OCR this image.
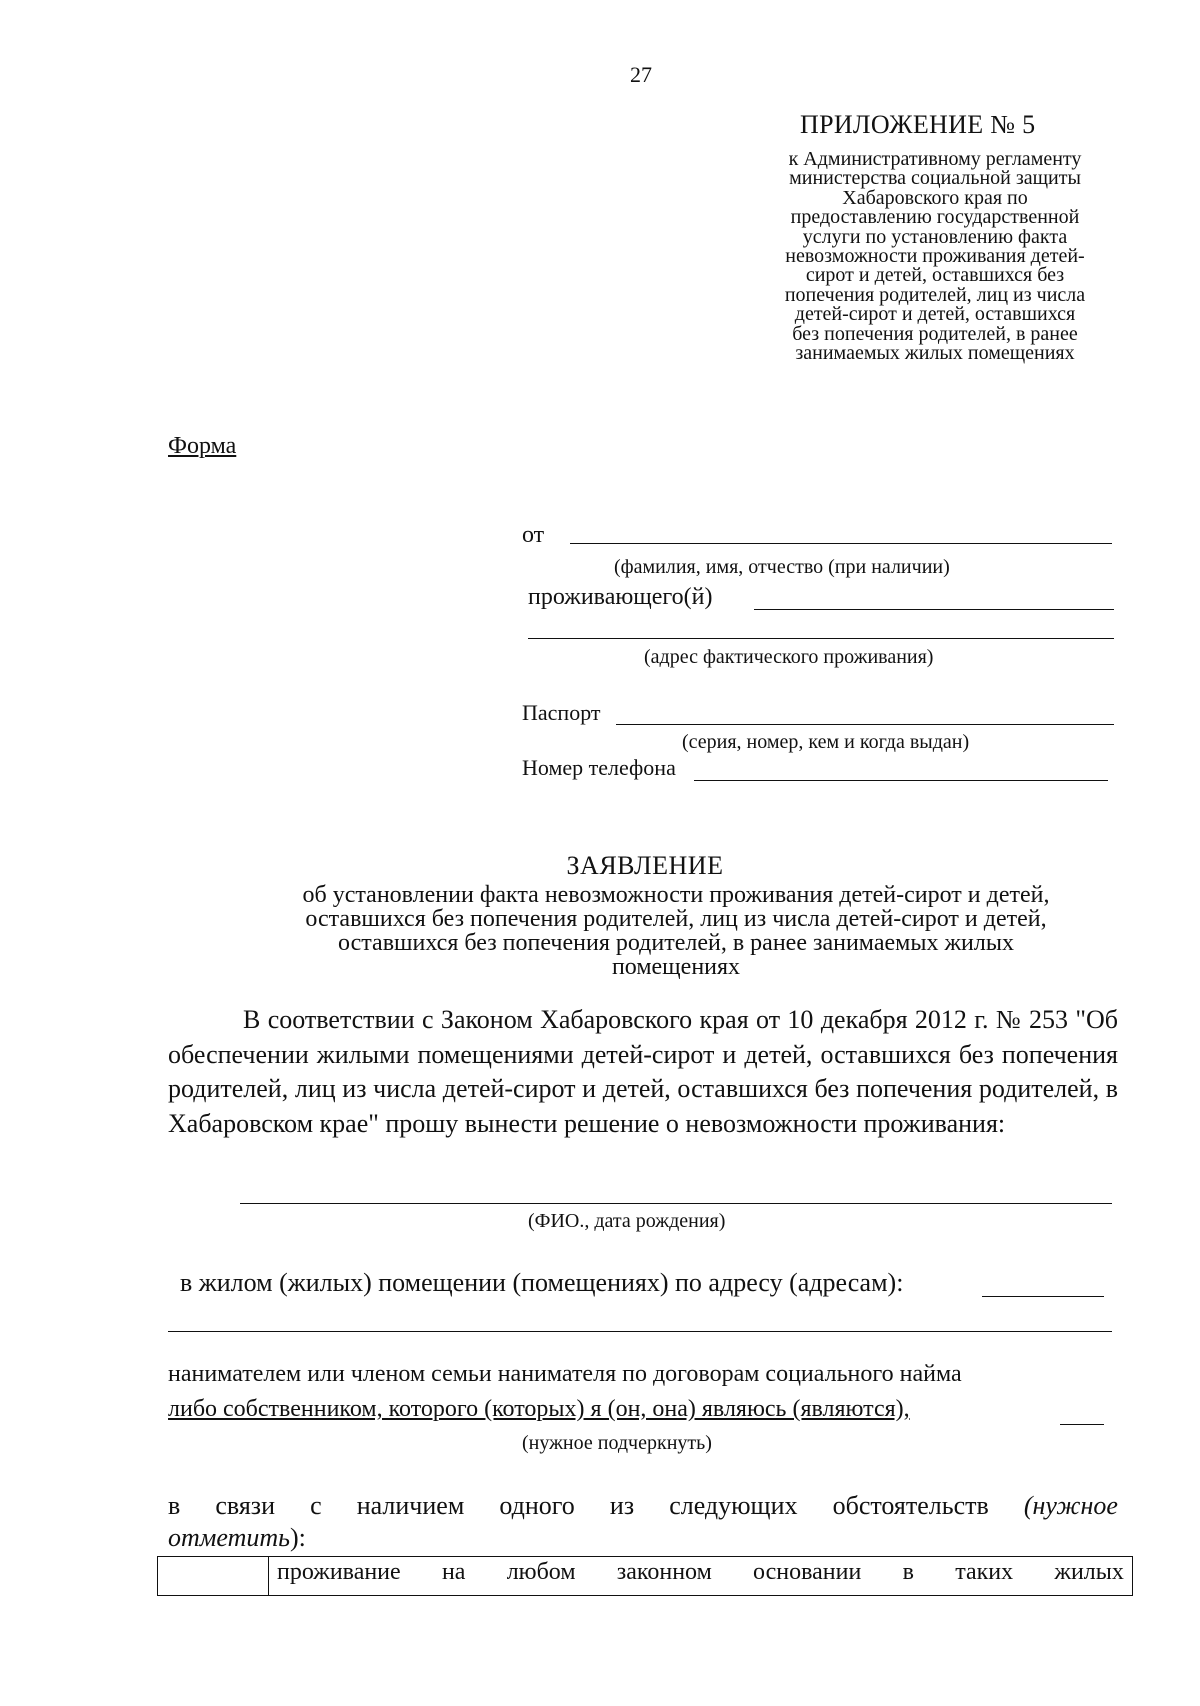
27
ПРИЛОЖЕНИЕ № 5
к Административному регламенту
министерства социальной защиты
Хабаровского края по
предоставлению государственной
услуги по установлению факта
невозможности проживания детей-
сирот и детей, оставшихся без
попечения родителей, лиц из числа
детей-сирот и детей, оставшихся
без попечения родителей, в ранее
занимаемых жилых помещениях
Форма
от
(фамилия, имя, отчество (при наличии)
проживающего(й)
(адрес фактического проживания)
Паспорт
(серия, номер, кем и когда выдан)
Номер телефона
ЗАЯВЛЕНИЕ
об установлении факта невозможности проживания детей-сирот и детей,
оставшихся без попечения родителей, лиц из числа детей-сирот и детей,
оставшихся без попечения родителей, в ранее занимаемых жилых
помещениях
В соответствии с Законом Хабаровского края от 10 декабря 2012 г. № 253 "Об обеспечении жилыми помещениями детей-сирот и детей, оставшихся без попечения родителей, лиц из числа детей-сирот и детей, оставшихся без попечения родителей, в Хабаровском крае" прошу вынести решение о невозможности проживания:
(ФИО., дата рождения)
в жилом (жилых) помещении (помещениях) по адресу (адресам):
нанимателем или членом семьи нанимателя по договорам социального найма
либо собственником, которого (которых) я (он, она) являюсь (являются),
(нужное подчеркнуть)
в связи с наличием одного из следующих обстоятельств (нужное
отметить):
проживание на любом законном основании в таких жилых
